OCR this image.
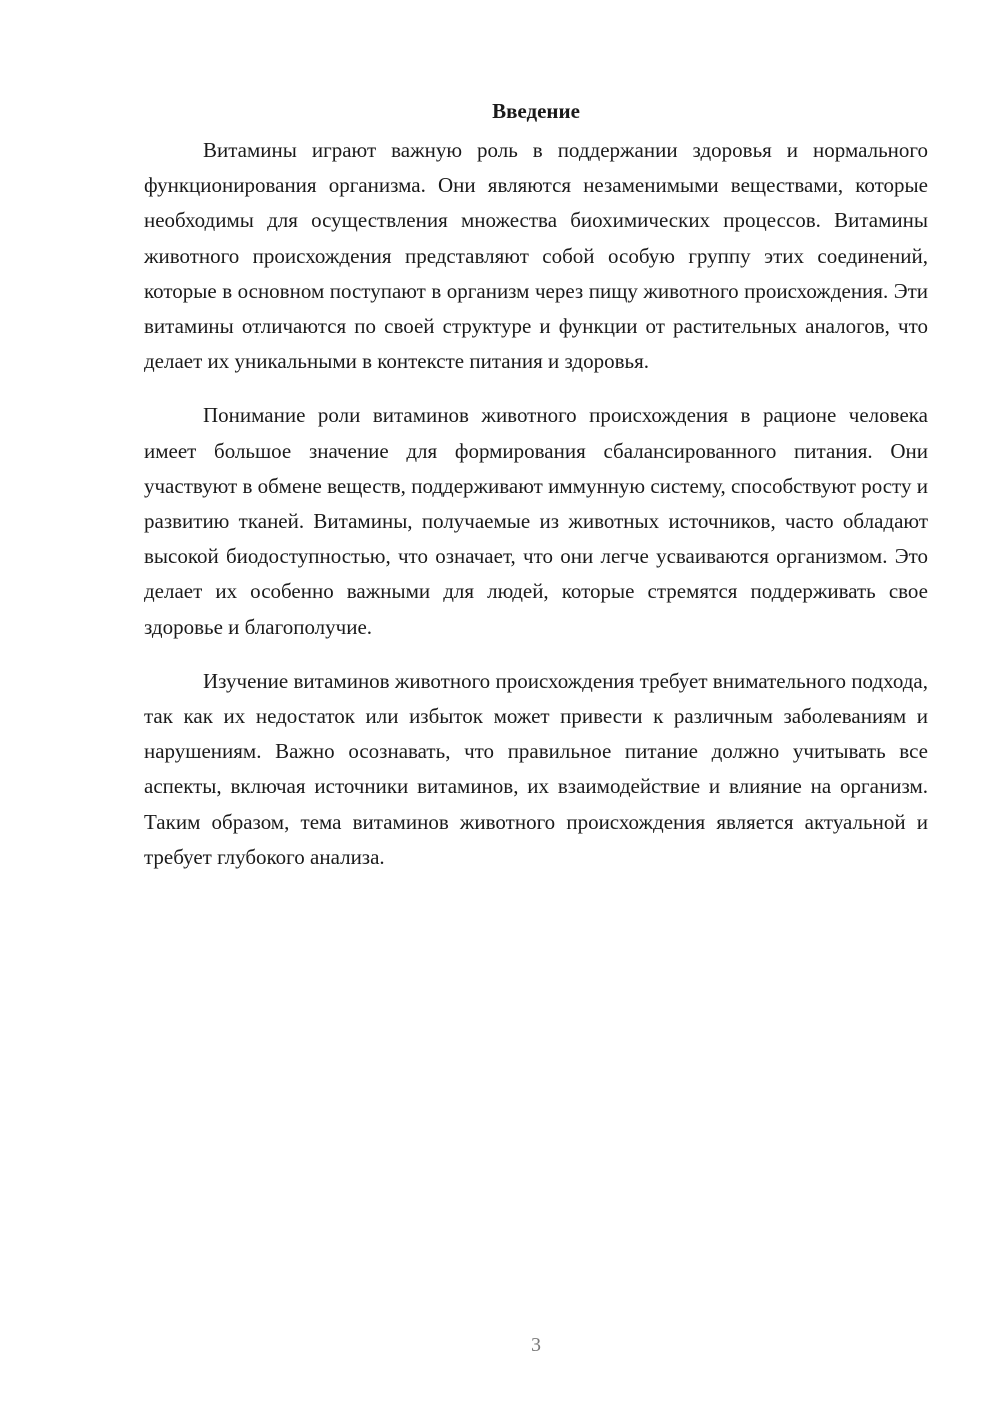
Введение

Витамины играют важную роль в поддержании здоровья и нормального функционирования организма. Они являются незаменимыми веществами, которые необходимы для осуществления множества биохимических процессов. Витамины животного происхождения представляют собой особую группу этих соединений, которые в основном поступают в организм через пищу животного происхождения. Эти витамины отличаются по своей структуре и функции от растительных аналогов, что делает их уникальными в контексте питания и здоровья.

Понимание роли витаминов животного происхождения в рационе человека имеет большое значение для формирования сбалансированного питания. Они участвуют в обмене веществ, поддерживают иммунную систему, способствуют росту и развитию тканей. Витамины, получаемые из животных источников, часто обладают высокой биодоступностью, что означает, что они легче усваиваются организмом. Это делает их особенно важными для людей, которые стремятся поддерживать свое здоровье и благополучие.

Изучение витаминов животного происхождения требует внимательного подхода, так как их недостаток или избыток может привести к различным заболеваниям и нарушениям. Важно осознавать, что правильное питание должно учитывать все аспекты, включая источники витаминов, их взаимодействие и влияние на организм. Таким образом, тема витаминов животного происхождения является актуальной и требует глубокого анализа.

3
